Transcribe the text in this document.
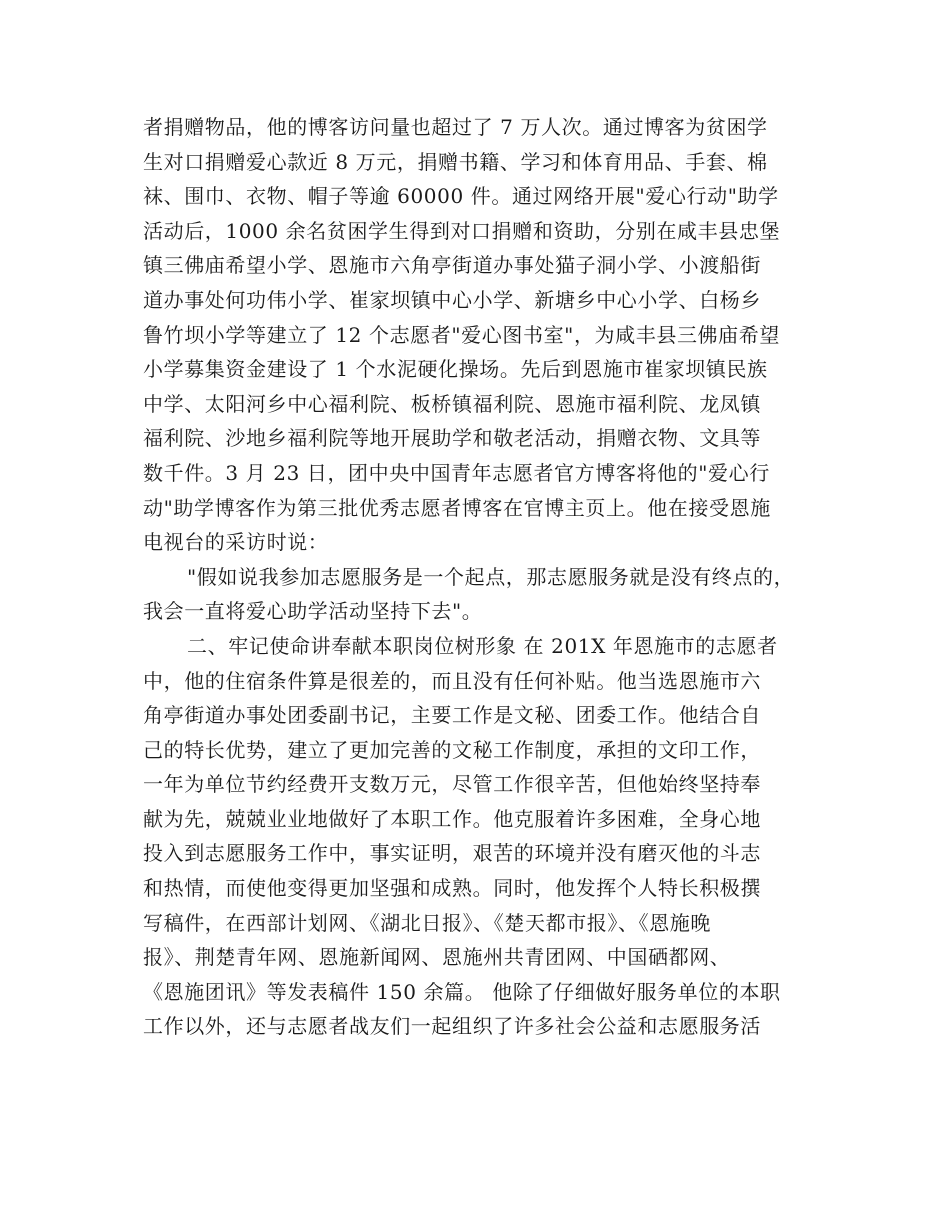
者捐赠物品，他的博客访问量也超过了 7 万人次。通过博客为贫困学
生对口捐赠爱心款近 8 万元，捐赠书籍、学习和体育用品、手套、棉
袜、围巾、衣物、帽子等逾 60000 件。通过网络开展"爱心行动"助学
活动后，1000 余名贫困学生得到对口捐赠和资助，分别在咸丰县忠堡
镇三佛庙希望小学、恩施市六角亭街道办事处猫子洞小学、小渡船街
道办事处何功伟小学、崔家坝镇中心小学、新塘乡中心小学、白杨乡
鲁竹坝小学等建立了 12 个志愿者"爱心图书室"，为咸丰县三佛庙希望
小学募集资金建设了 1 个水泥硬化操场。先后到恩施市崔家坝镇民族
中学、太阳河乡中心福利院、板桥镇福利院、恩施市福利院、龙凤镇
福利院、沙地乡福利院等地开展助学和敬老活动，捐赠衣物、文具等
数千件。3 月 23 日，团中央中国青年志愿者官方博客将他的"爱心行
动"助学博客作为第三批优秀志愿者博客在官博主页上。他在接受恩施
电视台的采访时说：
"假如说我参加志愿服务是一个起点，那志愿服务就是没有终点的，
我会一直将爱心助学活动坚持下去"。
二、牢记使命讲奉献本职岗位树形象 在 201X 年恩施市的志愿者
中，他的住宿条件算是很差的，而且没有任何补贴。他当选恩施市六
角亭街道办事处团委副书记，主要工作是文秘、团委工作。他结合自
己的特长优势，建立了更加完善的文秘工作制度，承担的文印工作，
一年为单位节约经费开支数万元，尽管工作很辛苦，但他始终坚持奉
献为先，兢兢业业地做好了本职工作。他克服着许多困难，全身心地
投入到志愿服务工作中，事实证明，艰苦的环境并没有磨灭他的斗志
和热情，而使他变得更加坚强和成熟。同时，他发挥个人特长积极撰
写稿件，在西部计划网、《湖北日报》、《楚天都市报》、《恩施晚
报》、荆楚青年网、恩施新闻网、恩施州共青团网、中国硒都网、
《恩施团讯》等发表稿件 150 余篇。 他除了仔细做好服务单位的本职
工作以外，还与志愿者战友们一起组织了许多社会公益和志愿服务活
